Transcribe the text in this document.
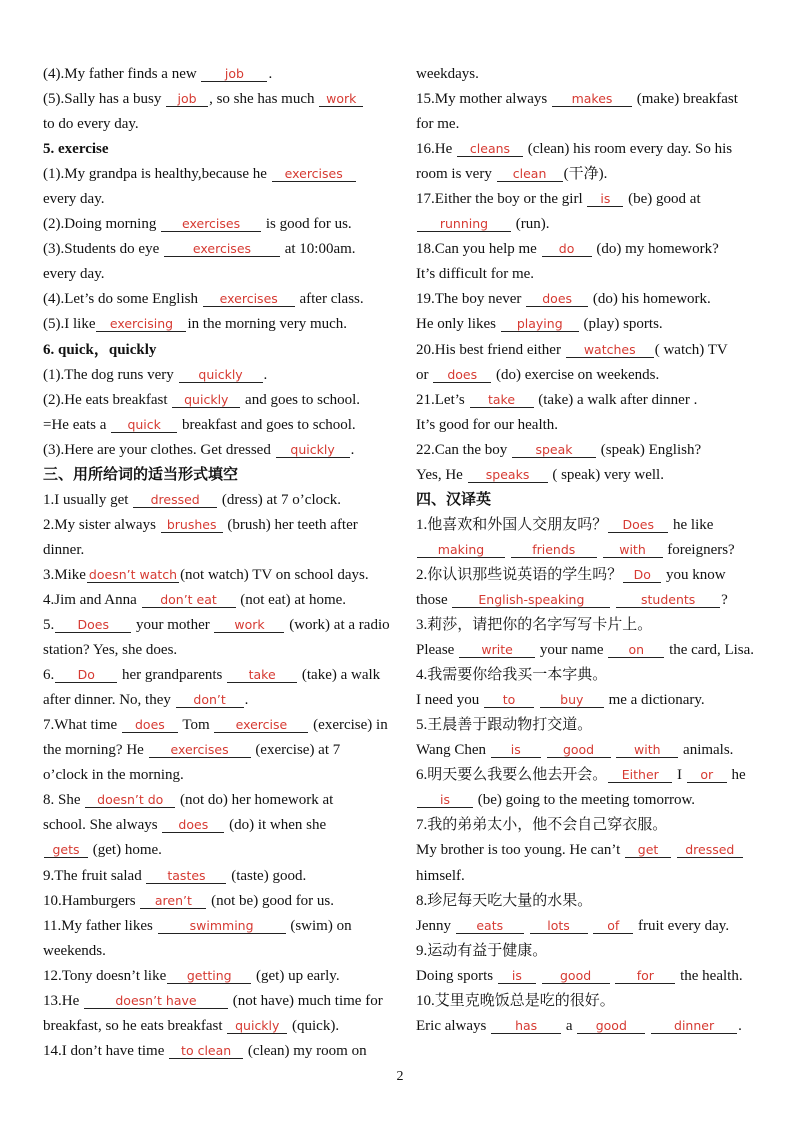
(4).My father finds a new job .
(5).Sally has a busy job , so she has much work
to do every day.
5. exercise
(1).My grandpa is healthy,because he exercises
every day.
(2).Doing morning exercises is good for us.
(3).Students do eye exercises at 10:00am.
every day.
(4).Let’s do some English exercises after class.
(5).I like exercising in the morning very much.
6. quick，quickly
(1).The dog runs very quickly .
(2).He eats breakfast quickly and goes to school.
=He eats a quick breakfast and goes to school.
(3).Here are your clothes. Get dressed quickly .
三、用所给词的适当形式填空
1.I usually get dressed (dress) at 7 o’clock.
2.My sister always brushes (brush) her teeth after
dinner.
3.Mike doesn’t watch (not watch) TV on school days.
4.Jim and Anna don’t eat (not eat) at home.
5. Does your mother work (work) at a radio
station? Yes, she does.
6. Do her grandparents take (take) a walk
after dinner. No, they don’t .
7.What time does Tom exercise (exercise) in
the morning? He exercises (exercise) at 7
o’clock in the morning.
8. She doesn’t do (not do) her homework at
school. She always does (do) it when she
gets (get) home.
9.The fruit salad tastes (taste) good.
10.Hamburgers aren’t (not be) good for us.
11.My father likes	swimming (swim) on
weekends.
12.Tony doesn’t like getting (get) up early.
13.He	doesn’t have (not have) much time for
breakfast, so he eats breakfast quickly (quick).
14.I don’t have time to clean (clean) my room on
weekdays.
15.My mother always makes (make) breakfast
for me.
16.He cleans (clean) his room every day. So his
room is very clean (干净).
17.Either the boy or the girl is (be) good at
running (run).
18.Can you help me do (do) my homework?
It’s difficult for me.
19.The boy never does (do) his homework.
He only likes playing (play) sports.
20.His best friend either watches ( watch) TV
or does (do) exercise on weekends.
21.Let’s take (take) a walk after dinner .
It’s good for our health.
22.Can the boy speak (speak) English?
Yes, He speaks ( speak) very well.
四、汉译英
1.他喜欢和外国人交朋友吗？ Does he like
making	friends	with foreigners?
2.你认识那些说英语的学生吗？ Do you know
those English-speaking	students ?
3.莉莎，请把你的名字写写卡片上。
Please write your name on the card, Lisa.
4.我需要你给我买一本字典。
I need you to	buy me a dictionary.
5.王晨善于跟动物打交道。
Wang Chen is	good	with animals.
6.明天要么我要么他去开会。 Either I or he
is (be) going to the meeting tomorrow.
7.我的弟弟太小，他不会自己穿衣服。
My brother is too young. He can’t get dressed
himself.
8.珍尼每天吃大量的水果。
Jenny eats	lots	of fruit every day.
9.运动有益于健康。
Doing sports is	good	for the health.
10.艾里克晚饭总是吃的很好。
Eric always has a good	dinner .
2
